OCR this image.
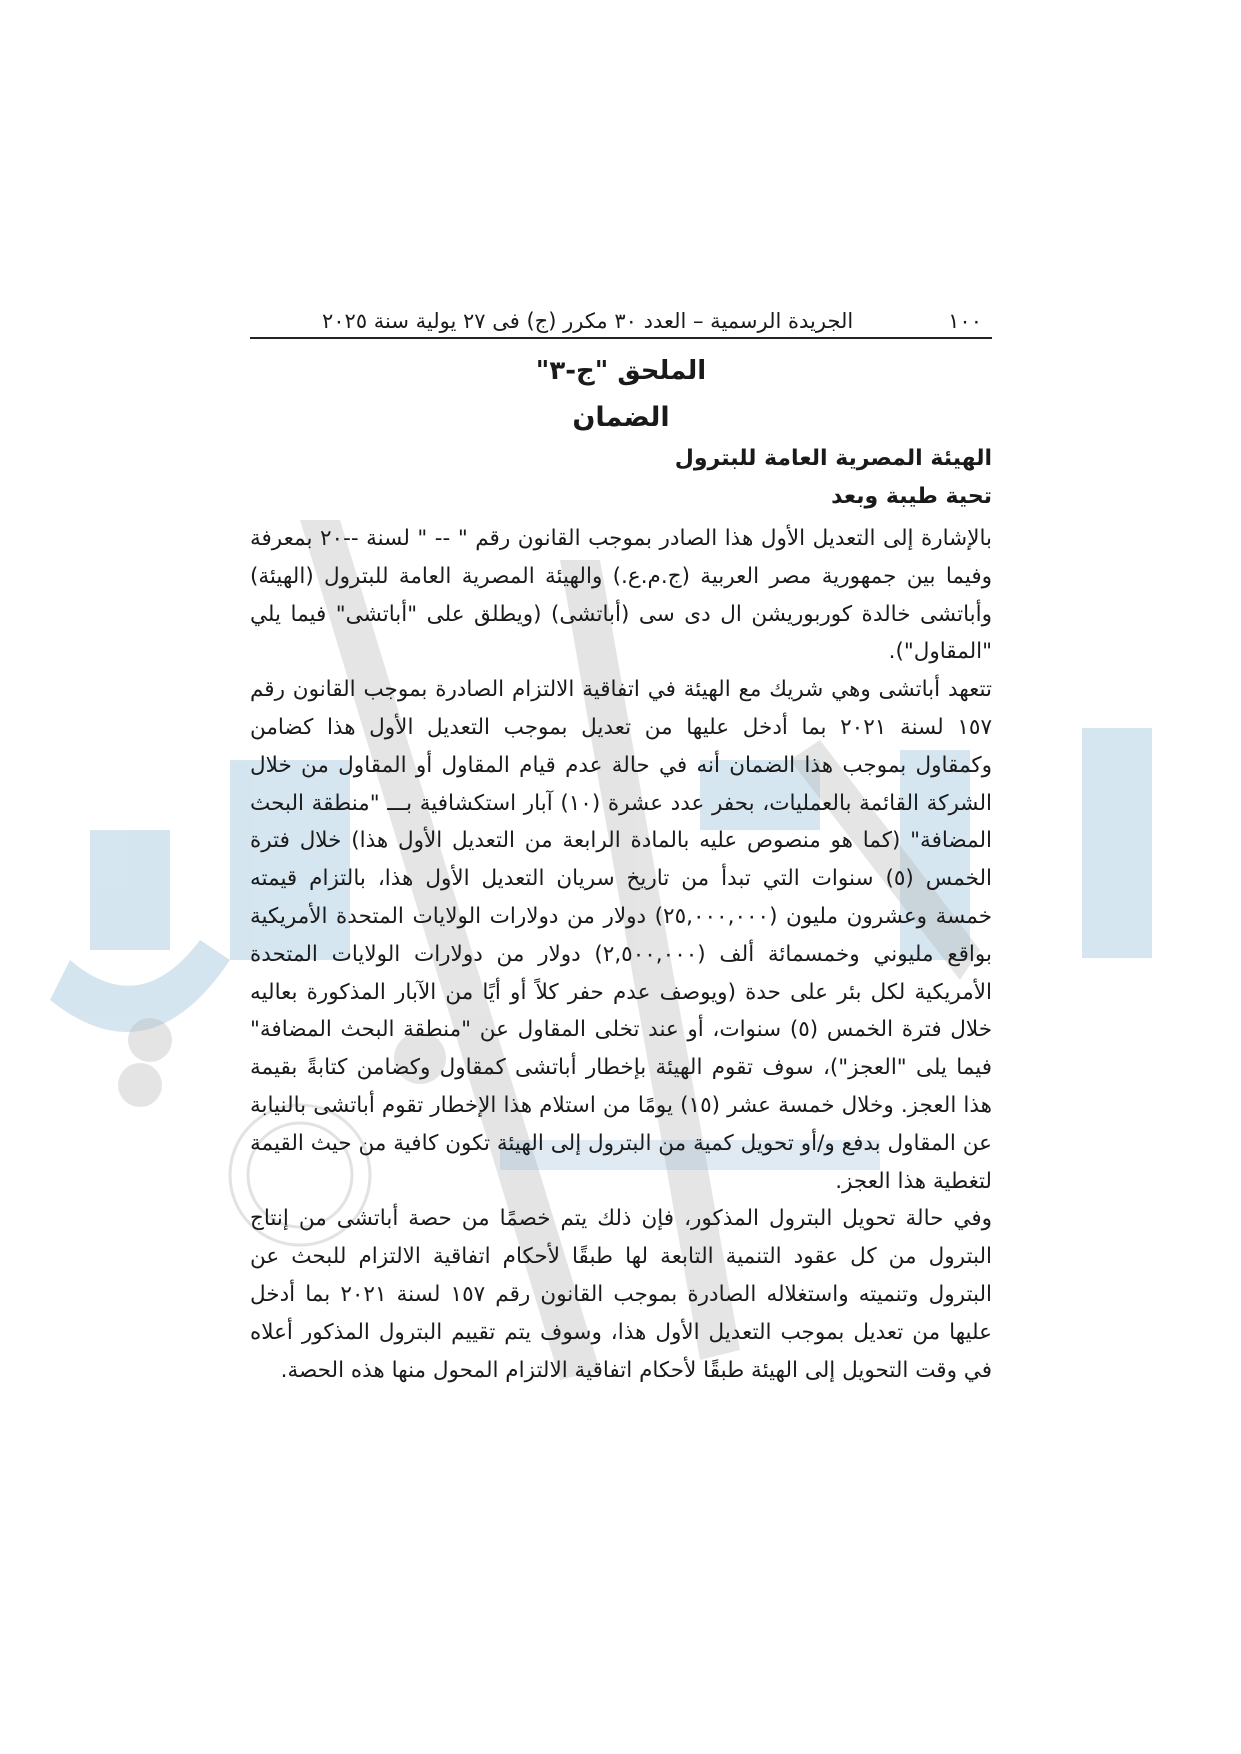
١٠٠
الجريدة الرسمية – العدد ٣٠ مكرر (ج) فى ٢٧ يولية سنة ٢٠٢٥
الملحق "ج-٣"
الضمان
الهيئة المصرية العامة للبترول
تحية طيبة وبعد

بالإشارة إلى التعديل الأول هذا الصادر بموجب القانون رقم " -- " لسنة --٢٠ بمعرفة وفيما بين جمهورية مصر العربية (ج.م.ع.) والهيئة المصرية العامة للبترول (الهيئة) وأباتشى خالدة كوربوريشن ال دى سى (أباتشى) (ويطلق على "أباتشى" فيما يلي "المقاول").

تتعهد أباتشى وهي شريك مع الهيئة في اتفاقية الالتزام الصادرة بموجب القانون رقم ١٥٧ لسنة ٢٠٢١ بما أدخل عليها من تعديل بموجب التعديل الأول هذا كضامن وكمقاول بموجب هذا الضمان أنه في حالة عدم قيام المقاول أو المقاول من خلال الشركة القائمة بالعمليات، بحفر عدد عشرة (١٠) آبار استكشافية بـــ "منطقة البحث المضافة" (كما هو منصوص عليه بالمادة الرابعة من التعديل الأول هذا) خلال فترة الخمس (٥) سنوات التي تبدأ من تاريخ سريان التعديل الأول هذا، بالتزام قيمته خمسة وعشرون مليون (٢٥,٠٠٠,٠٠٠) دولار من دولارات الولايات المتحدة الأمريكية بواقع مليوني وخمسمائة ألف (٢,٥٠٠,٠٠٠) دولار من دولارات الولايات المتحدة الأمريكية لكل بئر على حدة (ويوصف عدم حفر كلاً أو أيًا من الآبار المذكورة بعاليه خلال فترة الخمس (٥) سنوات، أو عند تخلى المقاول عن "منطقة البحث المضافة" فيما يلى "العجز")، سوف تقوم الهيئة بإخطار أباتشى كمقاول وكضامن كتابةً بقيمة هذا العجز. وخلال خمسة عشر (١٥) يومًا من استلام هذا الإخطار تقوم أباتشى بالنيابة عن المقاول بدفع و/أو تحويل كمية من البترول إلى الهيئة تكون كافية من حيث القيمة لتغطية هذا العجز.

وفي حالة تحويل البترول المذكور، فإن ذلك يتم خصمًا من حصة أباتشى من إنتاج البترول من كل عقود التنمية التابعة لها طبقًا لأحكام اتفاقية الالتزام للبحث عن البترول وتنميته واستغلاله الصادرة بموجب القانون رقم ١٥٧ لسنة ٢٠٢١ بما أدخل عليها من تعديل بموجب التعديل الأول هذا، وسوف يتم تقييم البترول المذكور أعلاه في وقت التحويل إلى الهيئة طبقًا لأحكام اتفاقية الالتزام المحول منها هذه الحصة.
